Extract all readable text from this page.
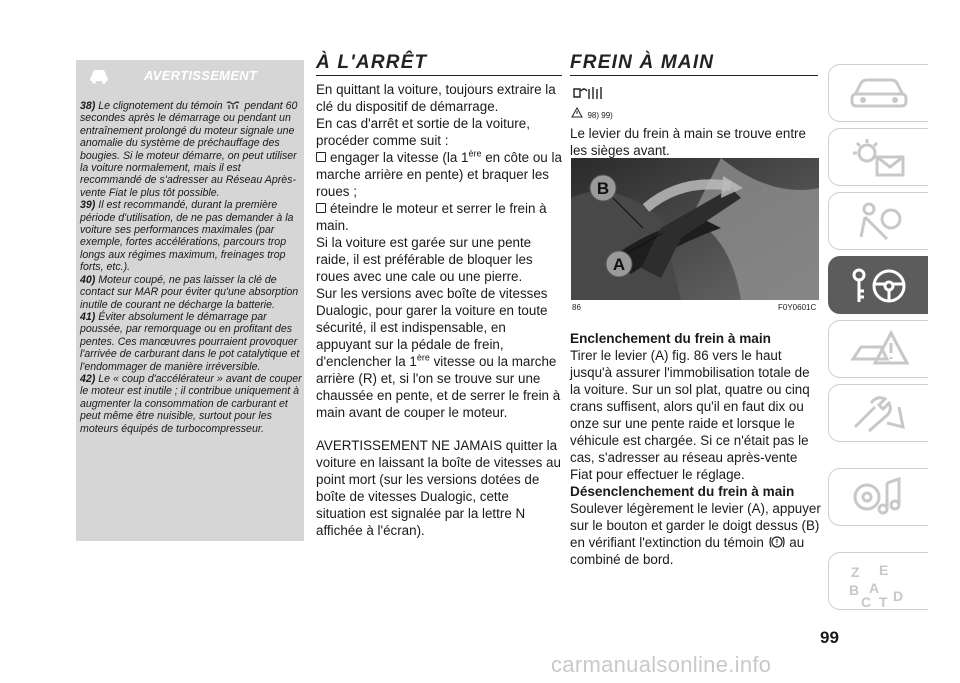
AVERTISSEMENT

38) Le clignotement du témoin  pendant 60 secondes après le démarrage ou pendant un entraînement prolongé du moteur signale une anomalie du système de préchauffage des bougies. Si le moteur démarre, on peut utiliser la voiture normalement, mais il est recommandé de s'adresser au Réseau Après-vente Fiat le plus tôt possible.

39) Il est recommandé, durant la première période d'utilisation, de ne pas demander à la voiture ses performances maximales (par exemple, fortes accélérations, parcours trop longs aux régimes maximum, freinages trop forts, etc.).

40) Moteur coupé, ne pas laisser la clé de contact sur MAR pour éviter qu'une absorption inutile de courant ne décharge la batterie.

41) Éviter absolument le démarrage par poussée, par remorquage ou en profitant des pentes. Ces manœuvres pourraient provoquer l'arrivée de carburant dans le pot catalytique et l'endommager de manière irréversible.

42) Le « coup d'accélérateur » avant de couper le moteur est inutile ; il contribue uniquement à augmenter la consommation de carburant et peut même être nuisible, surtout pour les moteurs équipés de turbocompresseur.

À L'ARRÊT

En quittant la voiture, toujours extraire la clé du dispositif de démarrage.

En cas d'arrêt et sortie de la voiture, procéder comme suit :

engager la vitesse (la 1ère en côte ou la marche arrière en pente) et braquer les roues ;

éteindre le moteur et serrer le frein à main.

Si la voiture est garée sur une pente raide, il est préférable de bloquer les roues avec une cale ou une pierre.

Sur les versions avec boîte de vitesses Dualogic, pour garer la voiture en toute sécurité, il est indispensable, en appuyant sur la pédale de frein, d'enclencher la 1ère vitesse ou la marche arrière (R) et, si l'on se trouve sur une chaussée en pente, et de serrer le frein à main avant de couper le moteur.

AVERTISSEMENT NE JAMAIS quitter la voiture en laissant la boîte de vitesses au point mort (sur les versions dotées de boîte de vitesses Dualogic, cette situation est signalée par la lettre N affichée à l'écran).

FREIN À MAIN
98) 99)

Le levier du frein à main se trouve entre les sièges avant.

B
A
86	F0Y0601C

Enclenchement du frein à main

Tirer le levier (A) fig. 86 vers le haut jusqu'à assurer l'immobilisation totale de la voiture. Sur un sol plat, quatre ou cinq crans suffisent, alors qu'il en faut dix ou onze sur une pente raide et lorsque le véhicule est chargée. Si ce n'était pas le cas, s'adresser au réseau après-vente Fiat pour effectuer le réglage.

Désenclenchement du frein à main

Soulever légèrement le levier (A), appuyer sur le bouton et garder le doigt dessus (B) en vérifiant l'extinction du témoin ! au combiné de bord.

Z E
B A
C T D
99
carmanualsonline.info
